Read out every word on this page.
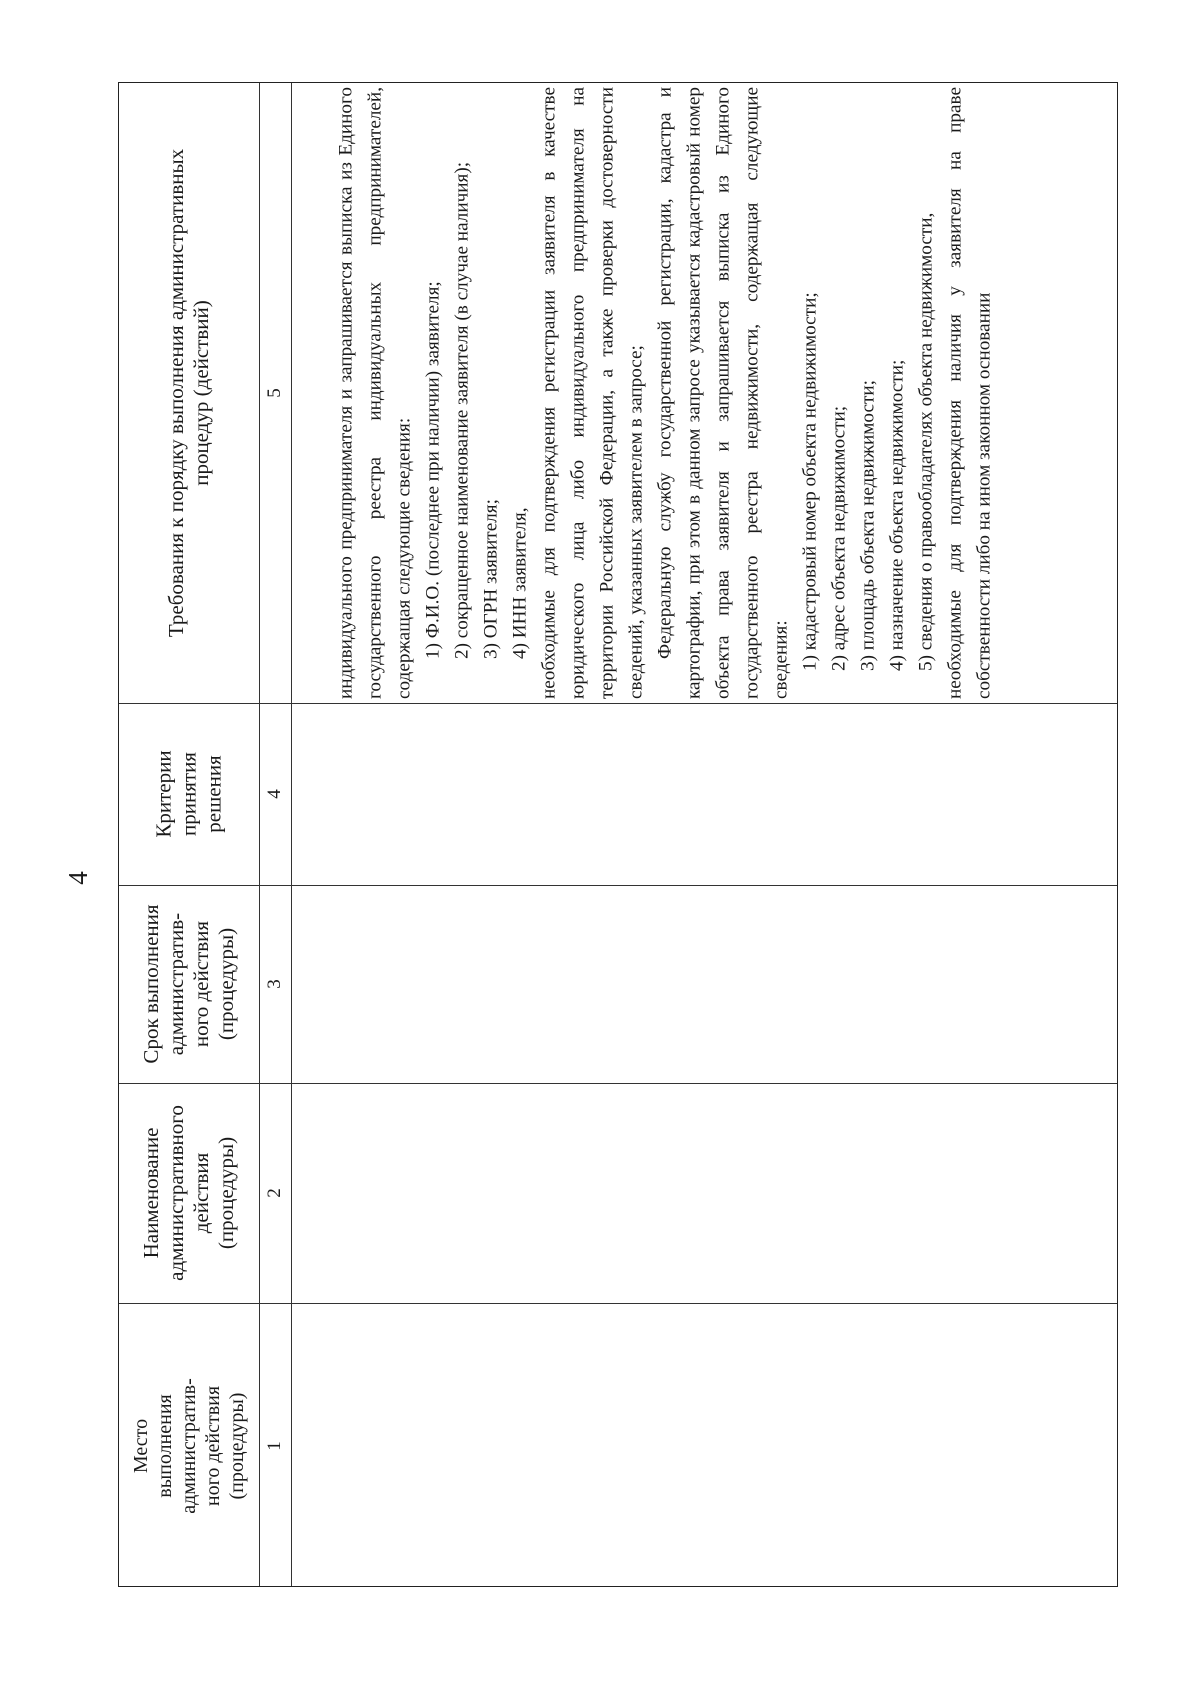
4
Требования к порядку выполнения административных процедур (действий)
Критерии принятия решения
Срок выполнения административ- ного действия (процедуры)
Наименование административного действия (процедуры)
Место выполнения административ- ного действия (процедуры)
5
4
3
2
1
индивидуального предпринимателя и запрашивается выписка из Единого государственного реестра индивидуальных предпринимателей, содержащая следующие сведения: 1) Ф.И.О. (последнее при наличии) заявителя; 2) сокращенное наименование заявителя (в случае наличия); 3) ОГРН заявителя; 4) ИНН заявителя, необходимые для подтверждения регистрации заявителя в качестве юридического лица либо индивидуального предпринимателя на территории Российской Федерации, а также проверки достоверности сведений, указанных заявителем в запросе; Федеральную службу государственной регистрации, кадастра и картографии, при этом в данном запросе указывается кадастровый номер объекта права заявителя и запрашивается выписка из Единого государственного реестра недвижимости, содержащая следующие сведения: 1) кадастровый номер объекта недвижимости; 2) адрес объекта недвижимости; 3) площадь объекта недвижимости; 4) назначение объекта недвижимости; 5) сведения о правообладателях объекта недвижимости, необходимые для подтверждения наличия у заявителя на праве собственности либо на ином законном основании
